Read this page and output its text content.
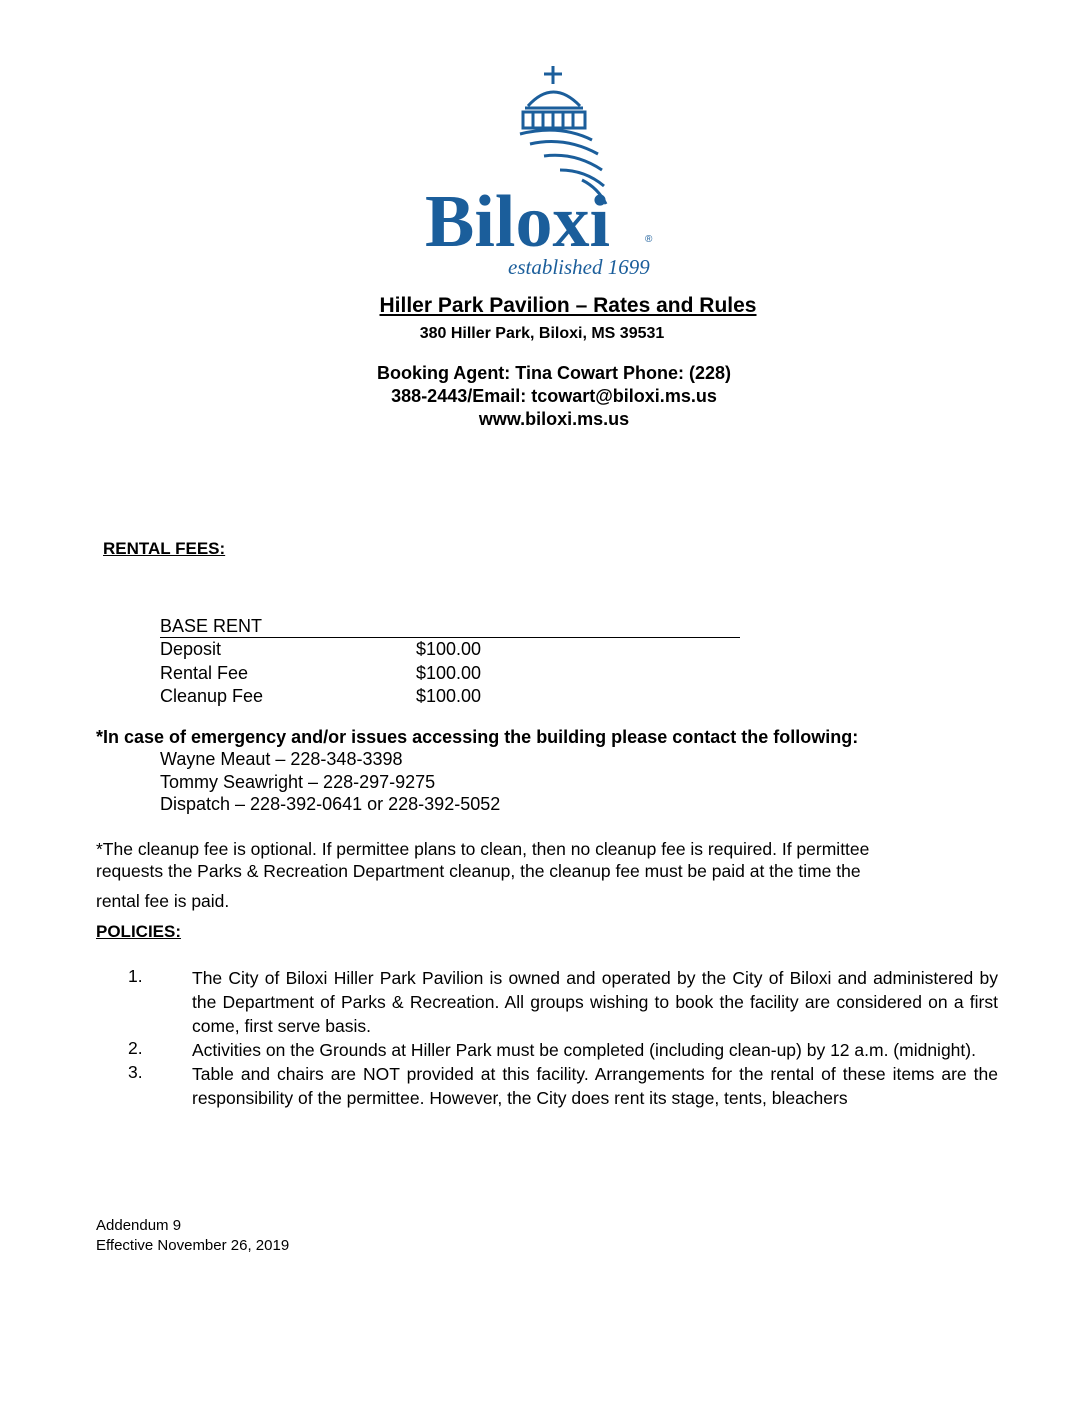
Biloxi	®
established 1699
Hiller Park Pavilion – Rates and Rules
380 Hiller Park, Biloxi, MS 39531
Booking Agent: Tina Cowart Phone: (228)
388-2443/Email: tcowart@biloxi.ms.us
www.biloxi.ms.us
RENTAL FEES:
BASE RENT
Deposit	$100.00
Rental Fee	$100.00
Cleanup Fee	$100.00
*In case of emergency and/or issues accessing the building please contact the following:
Wayne Meaut – 228-348-3398
Tommy Seawright – 228-297-9275
Dispatch – 228-392-0641 or 228-392-5052
*The cleanup fee is optional. If permittee plans to clean, then no cleanup fee is required. If permittee
requests the Parks & Recreation Department cleanup, the cleanup fee must be paid at the time the
rental fee is paid.
POLICIES:
1.	The City of Biloxi Hiller Park Pavilion is owned and operated by the City of Biloxi and administered by the Department of Parks & Recreation. All groups wishing to book the facility are considered on a first come, first serve basis.
2.	Activities on the Grounds at Hiller Park must be completed (including clean-up) by 12 a.m. (midnight).
3.	Table and chairs are NOT provided at this facility. Arrangements for the rental of these items are the responsibility of the permittee. However, the City does rent its stage, tents, bleachers
Addendum 9
Effective November 26, 2019
